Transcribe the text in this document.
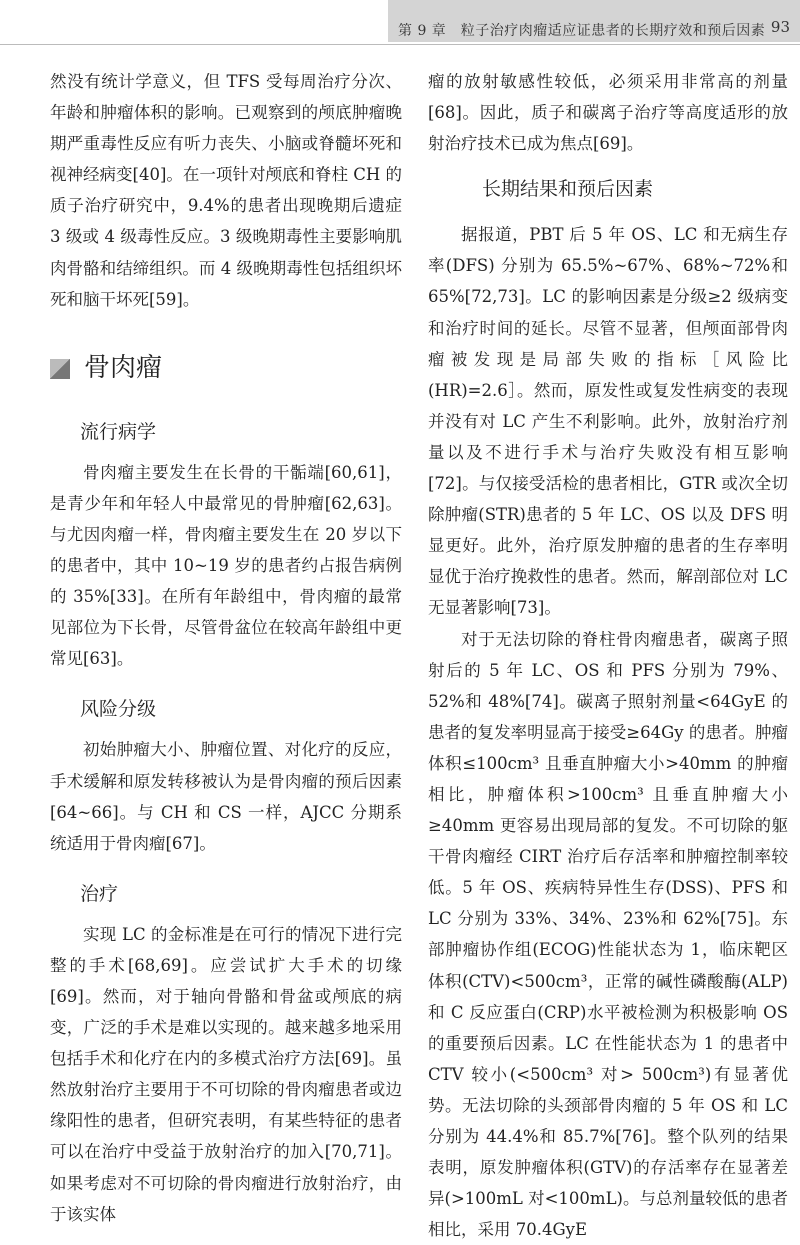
第 9 章　粒子治疗肉瘤适应证患者的长期疗效和预后因素 93

然没有统计学意义，但 TFS 受每周治疗分次、年龄和肿瘤体积的影响。已观察到的颅底肿瘤晚期严重毒性反应有听力丧失、小脑或脊髓坏死和视神经病变[40]。在一项针对颅底和脊柱 CH 的质子治疗研究中，9.4%的患者出现晚期后遗症 3 级或 4 级毒性反应。3 级晚期毒性主要影响肌肉骨骼和结缔组织。而 4 级晚期毒性包括组织坏死和脑干坏死[59]。

骨肉瘤
流行病学

骨肉瘤主要发生在长骨的干骺端[60,61]，是青少年和年轻人中最常见的骨肿瘤[62,63]。与尤因肉瘤一样，骨肉瘤主要发生在 20 岁以下的患者中，其中 10~19 岁的患者约占报告病例的 35%[33]。在所有年龄组中，骨肉瘤的最常见部位为下长骨，尽管骨盆位在较高年龄组中更常见[63]。

风险分级

初始肿瘤大小、肿瘤位置、对化疗的反应，手术缓解和原发转移被认为是骨肉瘤的预后因素[64~66]。与 CH 和 CS 一样，AJCC 分期系统适用于骨肉瘤[67]。

治疗

实现 LC 的金标准是在可行的情况下进行完整的手术[68,69]。应尝试扩大手术的切缘[69]。然而，对于轴向骨骼和骨盆或颅底的病变，广泛的手术是难以实现的。越来越多地采用包括手术和化疗在内的多模式治疗方法[69]。虽然放射治疗主要用于不可切除的骨肉瘤患者或边缘阳性的患者，但研究表明，有某些特征的患者可以在治疗中受益于放射治疗的加入[70,71]。如果考虑对不可切除的骨肉瘤进行放射治疗，由于该实体

瘤的放射敏感性较低，必须采用非常高的剂量[68]。因此，质子和碳离子治疗等高度适形的放射治疗技术已成为焦点[69]。

长期结果和预后因素

据报道，PBT 后 5 年 OS、LC 和无病生存率(DFS) 分别为 65.5%~67%、68%~72%和 65%[72,73]。LC 的影响因素是分级≥2 级病变和治疗时间的延长。尽管不显著，但颅面部骨肉瘤被发现是局部失败的指标［风险比(HR)=2.6］。然而，原发性或复发性病变的表现并没有对 LC 产生不利影响。此外，放射治疗剂量以及不进行手术与治疗失败没有相互影响[72]。与仅接受活检的患者相比，GTR 或次全切除肿瘤(STR)患者的 5 年 LC、OS 以及 DFS 明显更好。此外，治疗原发肿瘤的患者的生存率明显优于治疗挽救性的患者。然而，解剖部位对 LC 无显著影响[73]。

对于无法切除的脊柱骨肉瘤患者，碳离子照射后的 5 年 LC、OS 和 PFS 分别为 79%、52%和 48%[74]。碳离子照射剂量<64GyE 的患者的复发率明显高于接受≥64Gy 的患者。肿瘤体积≤100cm³ 且垂直肿瘤大小>40mm 的肿瘤相比，肿瘤体积>100cm³ 且垂直肿瘤大小≥40mm 更容易出现局部的复发。不可切除的躯干骨肉瘤经 CIRT 治疗后存活率和肿瘤控制率较低。5 年 OS、疾病特异性生存(DSS)、PFS 和 LC 分别为 33%、34%、23%和 62%[75]。东部肿瘤协作组(ECOG)性能状态为 1，临床靶区体积(CTV)<500cm³，正常的碱性磷酸酶(ALP)和 C 反应蛋白(CRP)水平被检测为积极影响 OS 的重要预后因素。LC 在性能状态为 1 的患者中 CTV 较小(<500cm³ 对> 500cm³)有显著优势。无法切除的头颈部骨肉瘤的 5 年 OS 和 LC 分别为 44.4%和 85.7%[76]。整个队列的结果表明，原发肿瘤体积(GTV)的存活率存在显著差异(>100mL 对<100mL)。与总剂量较低的患者相比，采用 70.4GyE
